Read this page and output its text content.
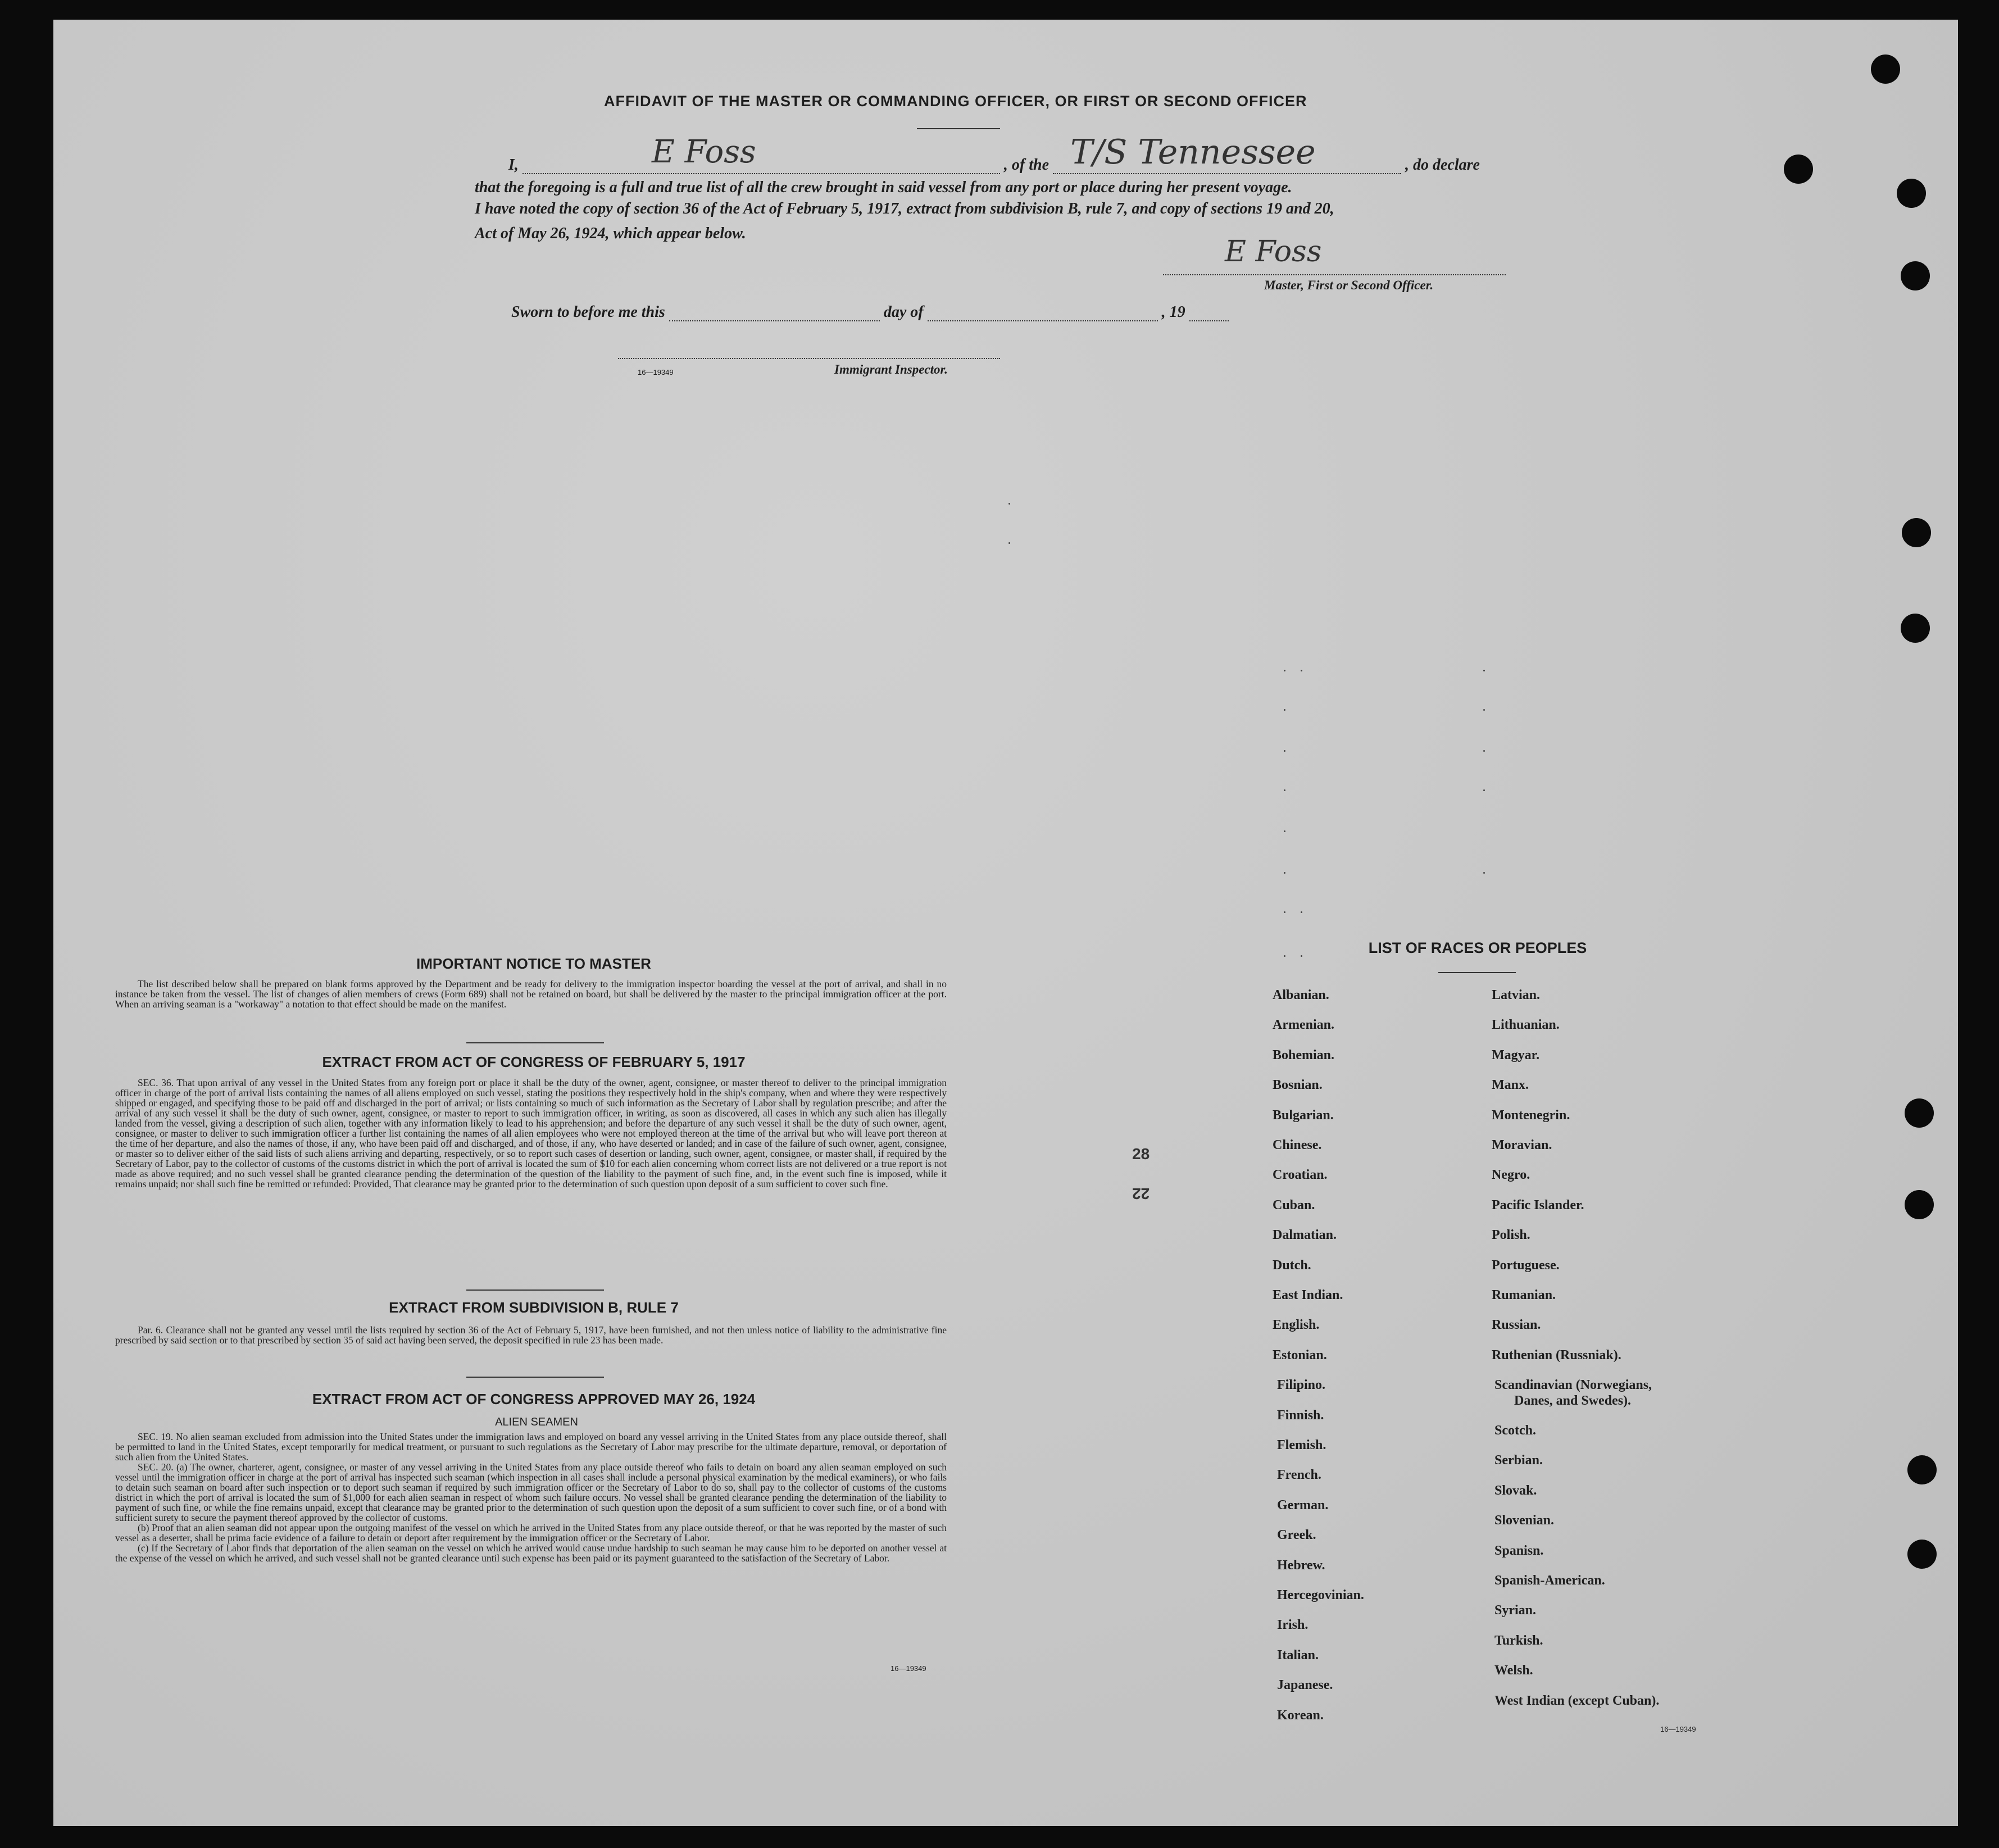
AFFIDAVIT OF THE MASTER OR COMMANDING OFFICER, OR FIRST OR SECOND OFFICER
I,	, of the	, do declare
E Foss	T/S Tennessee
that the foregoing is a full and true list of all the crew brought in said vessel from any port or place during her present voyage.
I have noted the copy of section 36 of the Act of February 5, 1917, extract from subdivision B, rule 7, and copy of sections 19 and 20,
Act of May 26, 1924, which appear below.
E Foss
Master, First or Second Officer.
Sworn to before me this	day of	, 19
16—19349	Immigrant Inspector.
IMPORTANT NOTICE TO MASTER

The list described below shall be prepared on blank forms approved by the Department and be ready for delivery to the immigration inspector boarding the vessel at the port of arrival, and shall in no instance be taken from the vessel. The list of changes of alien members of crews (Form 689) shall not be retained on board, but shall be delivered by the master to the principal immigration officer at the port. When an arriving seaman is a "workaway" a notation to that effect should be made on the manifest.

EXTRACT FROM ACT OF CONGRESS OF FEBRUARY 5, 1917

SEC. 36. That upon arrival of any vessel in the United States from any foreign port or place it shall be the duty of the owner, agent, consignee, or master thereof to deliver to the principal immigration officer in charge of the port of arrival lists containing the names of all aliens employed on such vessel, stating the positions they respectively hold in the ship's company, when and where they were respectively shipped or engaged, and specifying those to be paid off and discharged in the port of arrival; or lists containing so much of such information as the Secretary of Labor shall by regulation prescribe; and after the arrival of any such vessel it shall be the duty of such owner, agent, consignee, or master to report to such immigration officer, in writing, as soon as discovered, all cases in which any such alien has illegally landed from the vessel, giving a description of such alien, together with any information likely to lead to his apprehension; and before the departure of any such vessel it shall be the duty of such owner, agent, consignee, or master to deliver to such immigration officer a further list containing the names of all alien employees who were not employed thereon at the time of the arrival but who will leave port thereon at the time of her departure, and also the names of those, if any, who have been paid off and discharged, and of those, if any, who have deserted or landed; and in case of the failure of such owner, agent, consignee, or master so to deliver either of the said lists of such aliens arriving and departing, respectively, or so to report such cases of desertion or landing, such owner, agent, consignee, or master shall, if required by the Secretary of Labor, pay to the collector of customs of the customs district in which the port of arrival is located the sum of $10 for each alien concerning whom correct lists are not delivered or a true report is not made as above required; and no such vessel shall be granted clearance pending the determination of the question of the liability to the payment of such fine, and, in the event such fine is imposed, while it remains unpaid; nor shall such fine be remitted or refunded: Provided, That clearance may be granted prior to the determination of such question upon deposit of a sum sufficient to cover such fine.

EXTRACT FROM SUBDIVISION B, RULE 7

Par. 6. Clearance shall not be granted any vessel until the lists required by section 36 of the Act of February 5, 1917, have been furnished, and not then unless notice of liability to the administrative fine prescribed by said section or to that prescribed by section 35 of said act having been served, the deposit specified in rule 23 has been made.

EXTRACT FROM ACT OF CONGRESS APPROVED MAY 26, 1924
ALIEN SEAMEN

SEC. 19. No alien seaman excluded from admission into the United States under the immigration laws and employed on board any vessel arriving in the United States from any place outside thereof, shall be permitted to land in the United States, except temporarily for medical treatment, or pursuant to such regulations as the Secretary of Labor may prescribe for the ultimate departure, removal, or deportation of such alien from the United States.

SEC. 20. (a) The owner, charterer, agent, consignee, or master of any vessel arriving in the United States from any place outside thereof who fails to detain on board any alien seaman employed on such vessel until the immigration officer in charge at the port of arrival has inspected such seaman (which inspection in all cases shall include a personal physical examination by the medical examiners), or who fails to detain such seaman on board after such inspection or to deport such seaman if required by such immigration officer or the Secretary of Labor to do so, shall pay to the collector of customs of the customs district in which the port of arrival is located the sum of $1,000 for each alien seaman in respect of whom such failure occurs. No vessel shall be granted clearance pending the determination of the liability to payment of such fine, or while the fine remains unpaid, except that clearance may be granted prior to the determination of such question upon the deposit of a sum sufficient to cover such fine, or of a bond with sufficient surety to secure the payment thereof approved by the collector of customs.

(b) Proof that an alien seaman did not appear upon the outgoing manifest of the vessel on which he arrived in the United States from any place outside thereof, or that he was reported by the master of such vessel as a deserter, shall be prima facie evidence of a failure to detain or deport after requirement by the immigration officer or the Secretary of Labor.

(c) If the Secretary of Labor finds that deportation of the alien seaman on the vessel on which he arrived would cause undue hardship to such seaman he may cause him to be deported on another vessel at the expense of the vessel on which he arrived, and such vessel shall not be granted clearance until such expense has been paid or its payment guaranteed to the satisfaction of the Secretary of Labor.

16—19349
28
22
LIST OF RACES OR PEOPLES
Albanian.
Armenian.
Bohemian.
Bosnian.
Bulgarian.
Chinese.
Croatian.
Cuban.
Dalmatian.
Dutch.
East Indian.
English.
Estonian.
Filipino.
Finnish.
Flemish.
French.
German.
Greek.
Hebrew.
Hercegovinian.
Irish.
Italian.
Japanese.
Korean.
Latvian.
Lithuanian.
Magyar.
Manx.
Montenegrin.
Moravian.
Negro.
Pacific Islander.
Polish.
Portuguese.
Rumanian.
Russian.
Ruthenian (Russniak).
Scandinavian (Norwegians,
Danes, and Swedes).
Scotch.
Serbian.
Slovak.
Slovenian.
Spanisn.
Spanish-American.
Syrian.
Turkish.
Welsh.
West Indian (except Cuban).
16—19349
